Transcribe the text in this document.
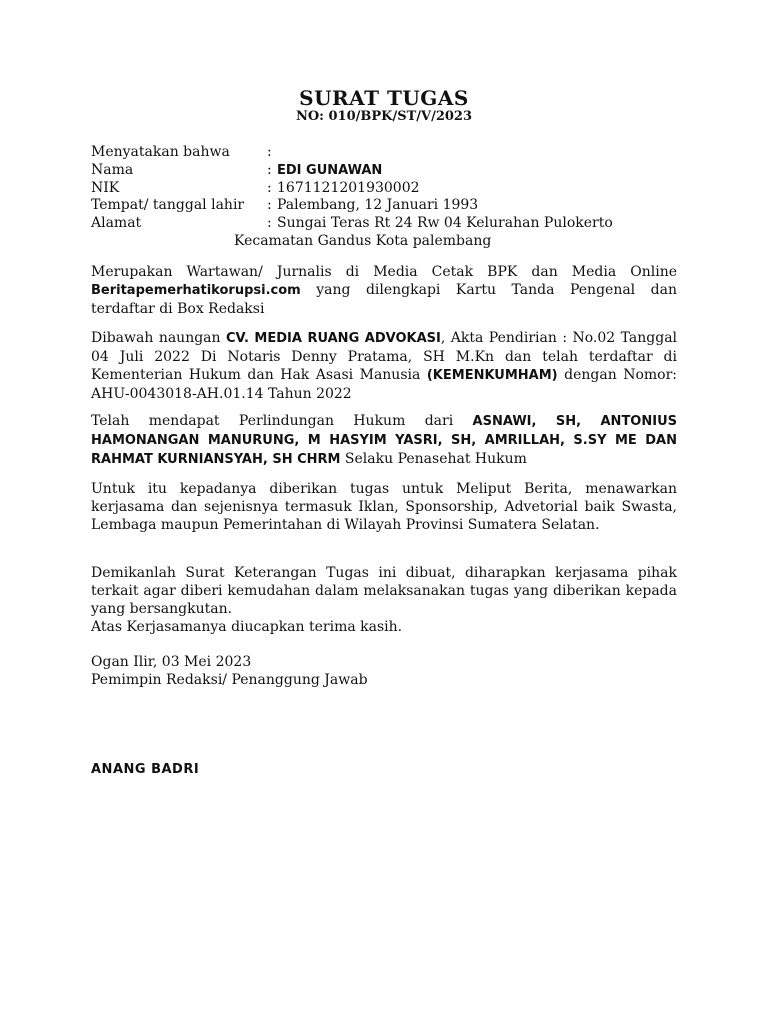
SURAT TUGAS
NO: 010/BPK/ST/V/2023
Menyatakan bahwa	:
Nama	: EDI GUNAWAN
NIK	: 1671121201930002
Tempat/ tanggal lahir : Palembang, 12 Januari 1993
Alamat	: Sungai Teras Rt 24 Rw 04 Kelurahan Pulokerto
Kecamatan Gandus Kota palembang
Merupakan Wartawan/ Jurnalis di Media Cetak BPK dan Media Online Beritapemerhatikorupsi.com yang dilengkapi Kartu Tanda Pengenal dan terdaftar di Box Redaksi
Dibawah naungan CV. MEDIA RUANG ADVOKASI, Akta Pendirian : No.02 Tanggal 04 Juli 2022 Di Notaris Denny Pratama, SH M.Kn dan telah terdaftar di Kementerian Hukum dan Hak Asasi Manusia (KEMENKUMHAM) dengan Nomor: AHU-0043018-AH.01.14 Tahun 2022
Telah mendapat Perlindungan Hukum dari ASNAWI, SH, ANTONIUS HAMONANGAN MANURUNG, M HASYIM YASRI, SH, AMRILLAH, S.SY ME DAN RAHMAT KURNIANSYAH, SH CHRM Selaku Penasehat Hukum
Untuk itu kepadanya diberikan tugas untuk Meliput Berita, menawarkan kerjasama dan sejenisnya termasuk Iklan, Sponsorship, Advetorial baik Swasta, Lembaga maupun Pemerintahan di Wilayah Provinsi Sumatera Selatan.
Demikanlah Surat Keterangan Tugas ini dibuat, diharapkan kerjasama pihak terkait agar diberi kemudahan dalam melaksanakan tugas yang diberikan kepada yang bersangkutan.
Atas Kerjasamanya diucapkan terima kasih.
Ogan Ilir, 03 Mei 2023
Pemimpin Redaksi/ Penanggung Jawab
ANANG BADRI
